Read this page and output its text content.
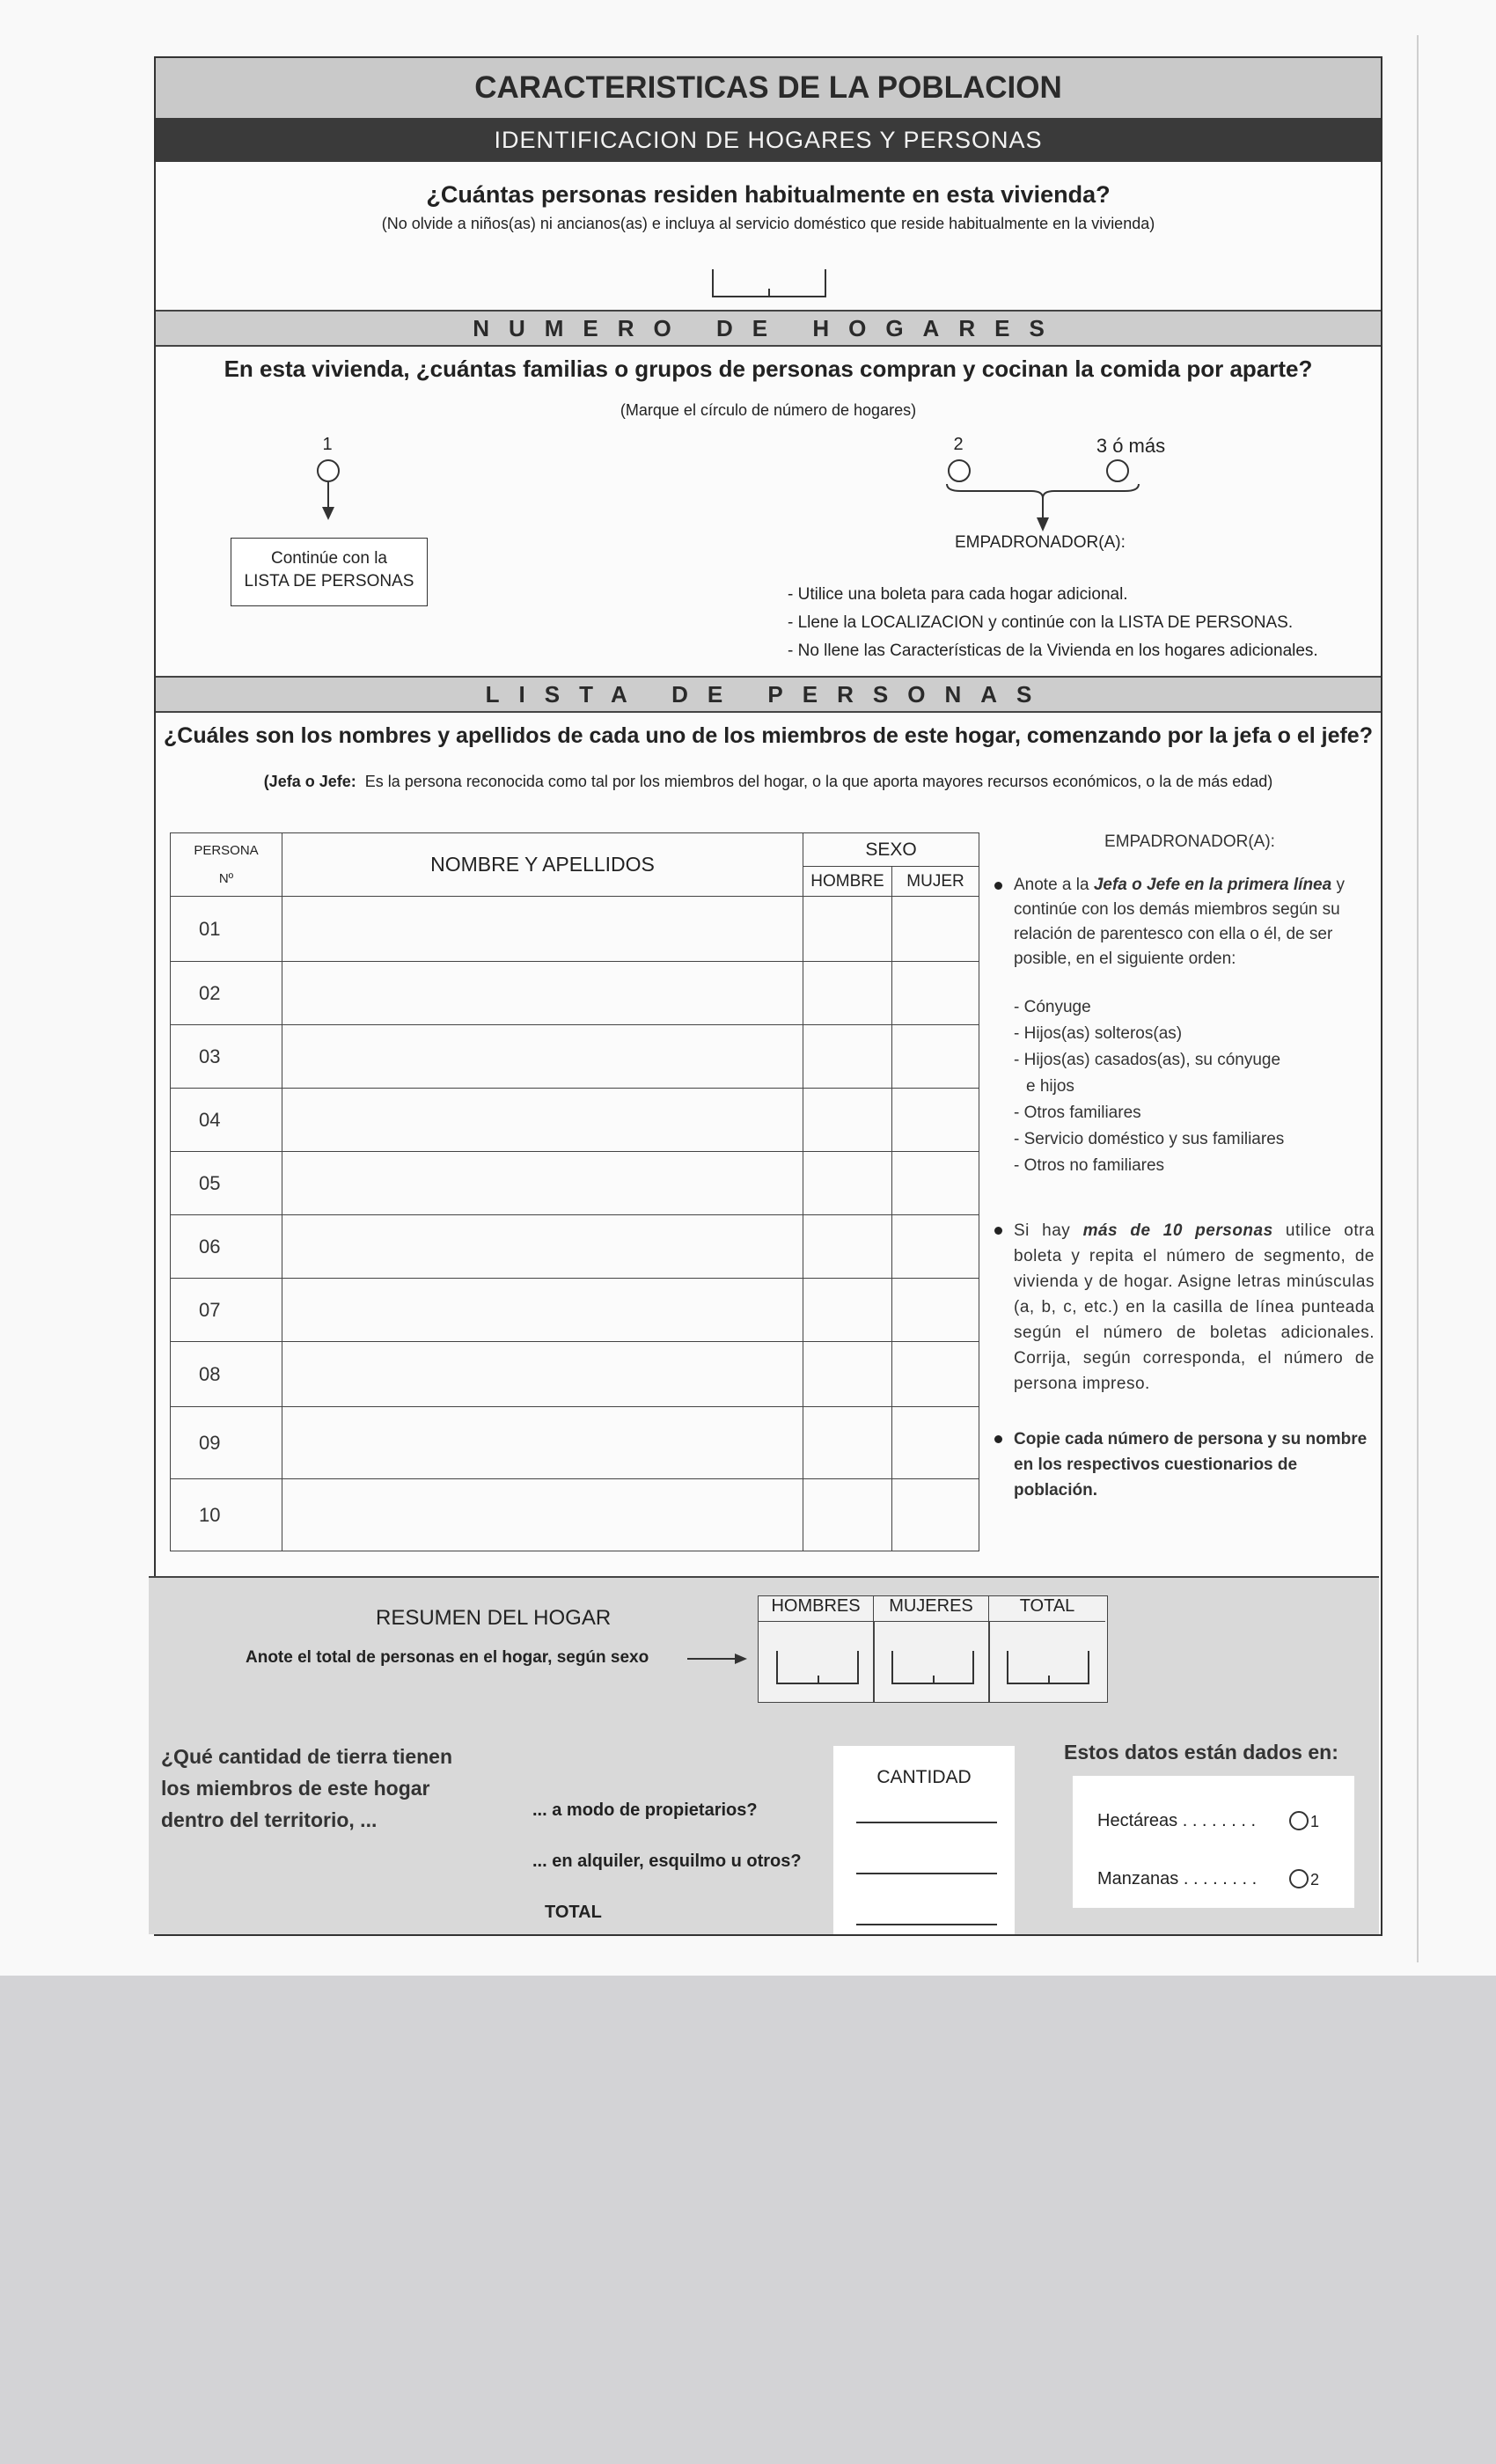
CARACTERISTICAS DE LA POBLACION
IDENTIFICACION DE HOGARES Y PERSONAS
¿Cuántas personas residen habitualmente en esta vivienda?
(No olvide a niños(as) ni ancianos(as) e incluya al servicio doméstico que reside habitualmente en la vivienda)
NUMERO DE HOGARES
En esta vivienda, ¿cuántas familias o grupos de personas compran y cocinan la comida por aparte?
(Marque el círculo de número de hogares)
1
Continúe con la
LISTA DE PERSONAS
2	3 ó más
EMPADRONADOR(A):
- Utilice una boleta para cada hogar adicional.
- Llene la LOCALIZACION y continúe con la LISTA DE PERSONAS.
- No llene las Características de la Vivienda en los hogares adicionales.
LISTA DE PERSONAS
¿Cuáles son los nombres y apellidos de cada uno de los miembros de este hogar, comenzando por la jefa o el jefe?
(Jefa o Jefe: Es la persona reconocida como tal por los miembros del hogar, o la que aporta mayores recursos económicos, o la de más edad)
PERSONA
Nº	NOMBRE Y APELLIDOS	SEXO	
		HOMBRE	MUJER
01			
02			
03			
04			
05			
06			
07			
08			
09			
10			
EMPADRONADOR(A):
Anote a la Jefa o Jefe en la primera línea y continúe con los demás miembros según su relación de parentesco con ella o él, de ser posible, en el siguiente orden:
- Cónyuge
- Hijos(as) solteros(as)
- Hijos(as) casados(as), su cónyuge
e hijos
- Otros familiares
- Servicio doméstico y sus familiares
- Otros no familiares
Si hay más de 10 personas utilice otra boleta y repita el número de segmento, de vivienda y de hogar. Asigne letras minúsculas (a, b, c, etc.) en la casilla de línea punteada según el número de boletas adicionales. Corrija, según corresponda, el número de persona impreso.
Copie cada número de persona y su nombre en los respectivos cuestionarios de población.
RESUMEN DEL HOGAR
Anote el total de personas en el hogar, según sexo
HOMBRES	MUJERES	TOTAL
¿Qué cantidad de tierra tienen
los miembros de este hogar
dentro del territorio, ...	... a modo de propietarios?
... en alquiler, esquilmo u otros?
TOTAL
CANTIDAD
Estos datos están dados en:
Hectáreas . . . . . . . .	1
Manzanas . . . . . . . .	2
